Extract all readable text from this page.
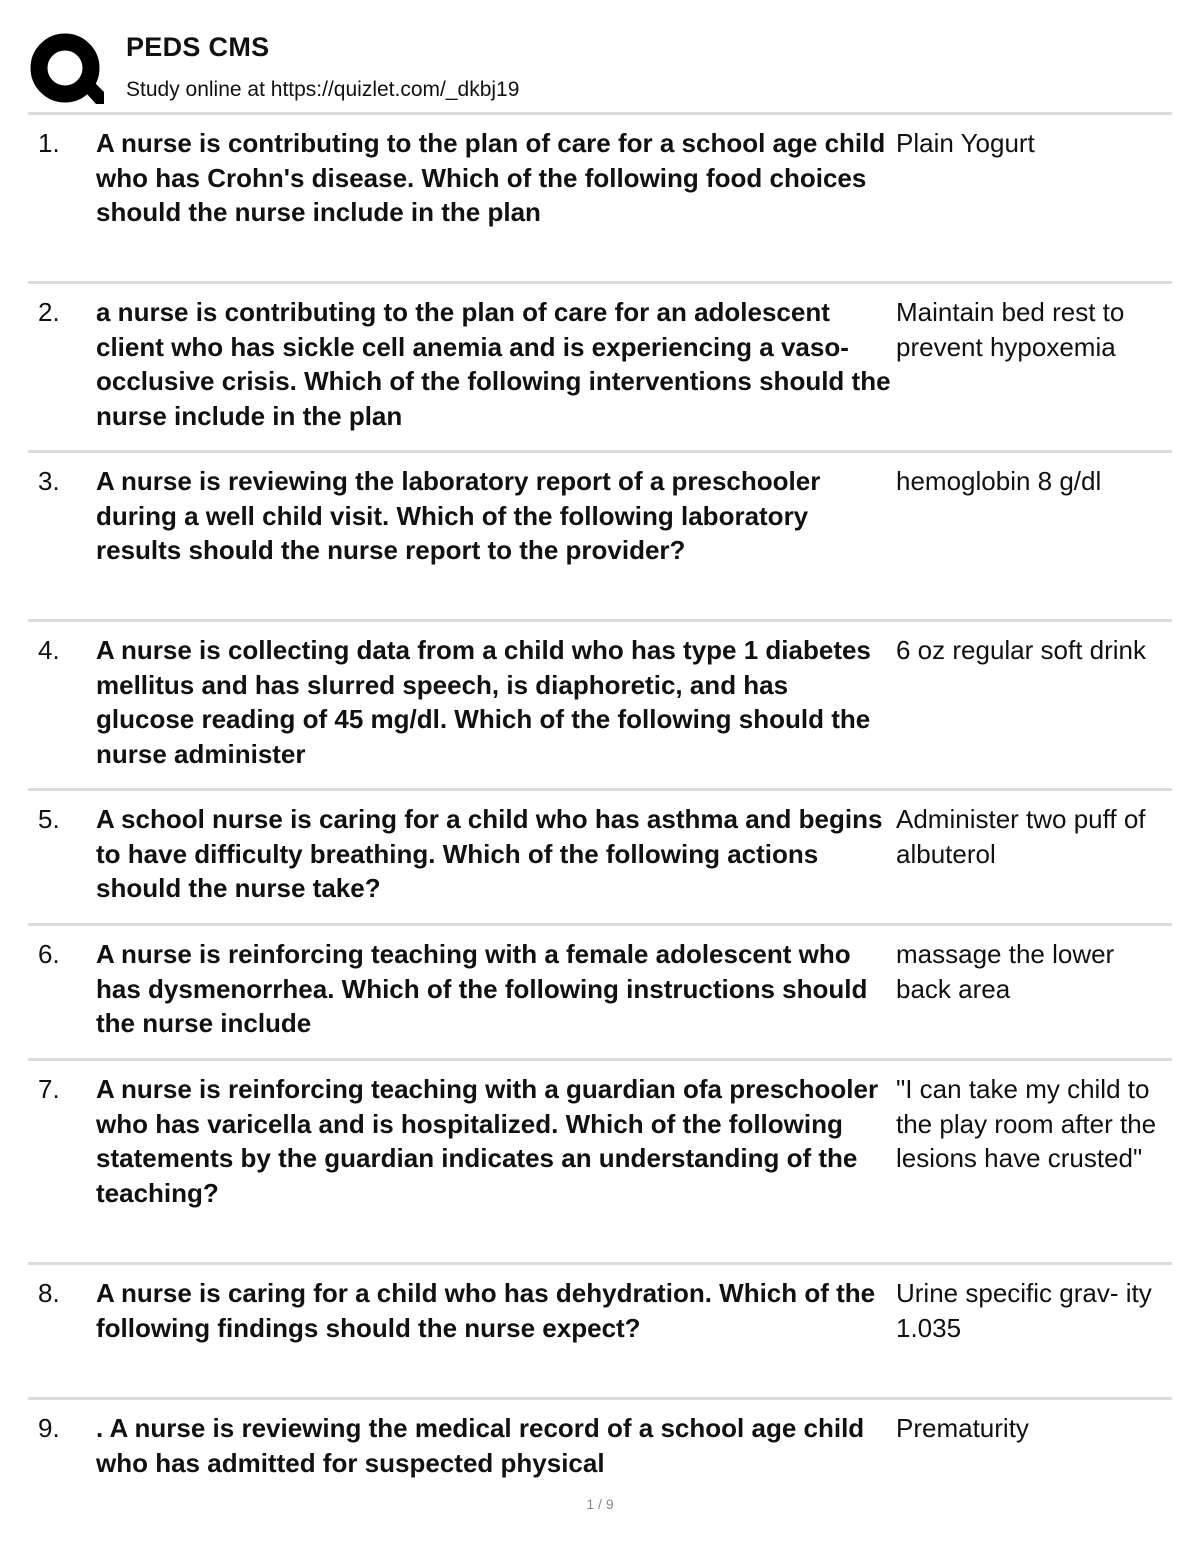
PEDS CMS
Study online at https://quizlet.com/_dkbj19
1. A nurse is contributing to the plan of care for a school age child who has Crohn's disease. Which of the following food choices should the nurse include in the plan
Plain Yogurt
2. a nurse is contributing to the plan of care for an adolescent client who has sickle cell anemia and is experiencing a vaso-occlusive crisis. Which of the following interventions should the nurse include in the plan
Maintain bed rest to prevent hypoxemia
3. A nurse is reviewing the laboratory report of a preschooler during a well child visit. Which of the following laboratory results should the nurse report to the provider?
hemoglobin 8 g/dl
4. A nurse is collecting data from a child who has type 1 diabetes mellitus and has slurred speech, is diaphoretic, and has glucose reading of 45 mg/dl. Which of the following should the nurse administer
6 oz regular soft drink
5. A school nurse is caring for a child who has asthma and begins to have difficulty breathing. Which of the following actions should the nurse take?
Administer two puff of albuterol
6. A nurse is reinforcing teaching with a female adolescent who has dysmenorrhea. Which of the following instructions should the nurse include
massage the lower back area
7. A nurse is reinforcing teaching with a guardian ofa preschooler who has varicella and is hospitalized. Which of the following statements by the guardian indicates an understanding of the teaching?
"I can take my child to the play room after the lesions have crusted"
8. A nurse is caring for a child who has dehydration. Which of the following findings should the nurse expect?
Urine specific grav- ity 1.035
9. . A nurse is reviewing the medical record of a school age child who has admitted for suspected physical
Prematurity
1 / 9
